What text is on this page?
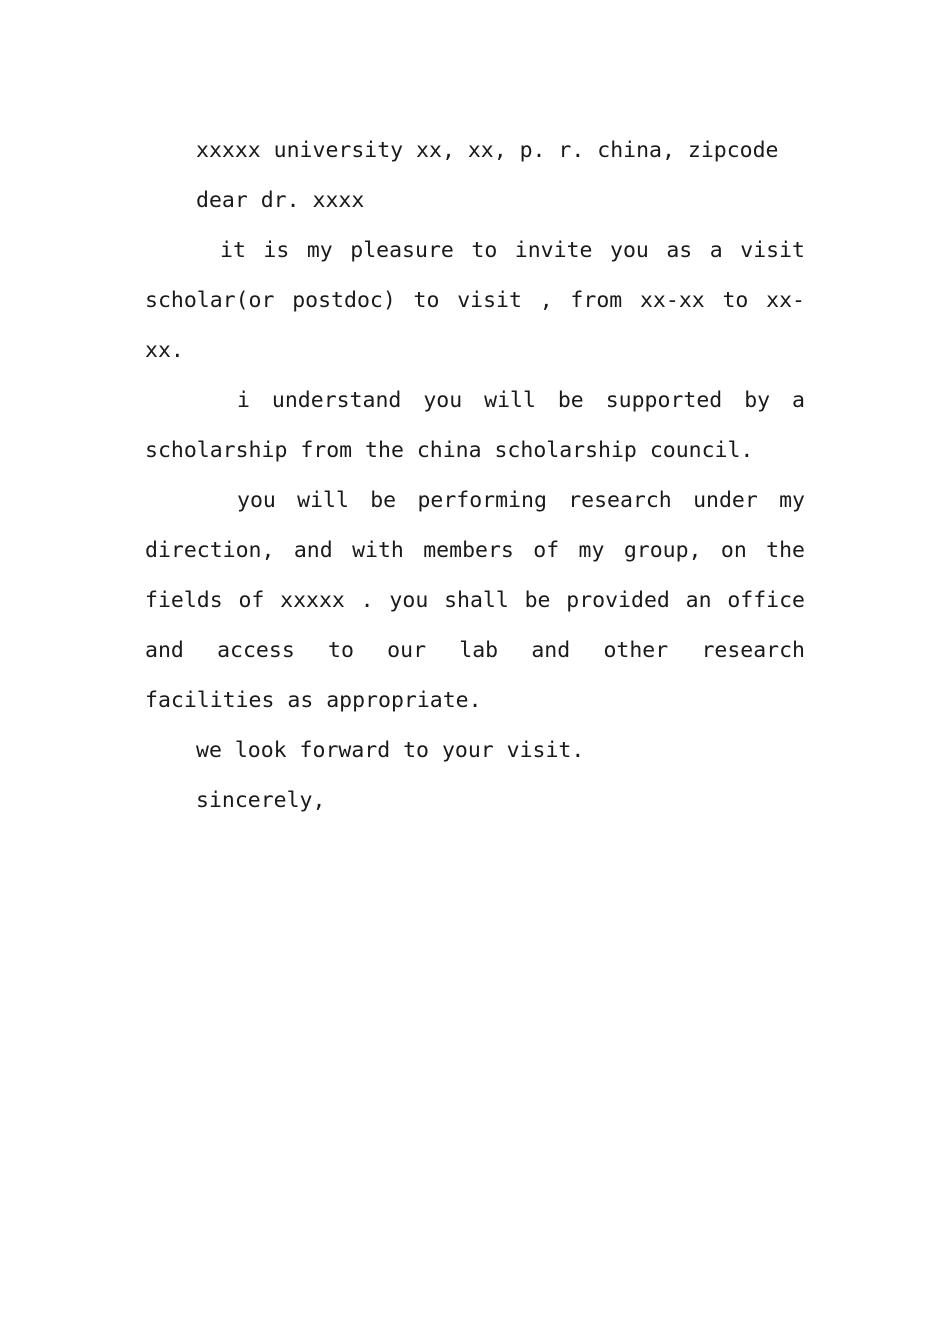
xxxxx university xx, xx, p. r. china, zipcode

dear dr. xxxx

it is my pleasure to invite you as a visit scholar(or postdoc) to visit , from xx-xx to xx-xx.

i understand you will be supported by a scholarship from the china scholarship council.

you will be performing research under my direction, and with members of my group, on the fields of xxxxx . you shall be provided an office and access to our lab and other research facilities as appropriate.

we look forward to your visit.

sincerely,
